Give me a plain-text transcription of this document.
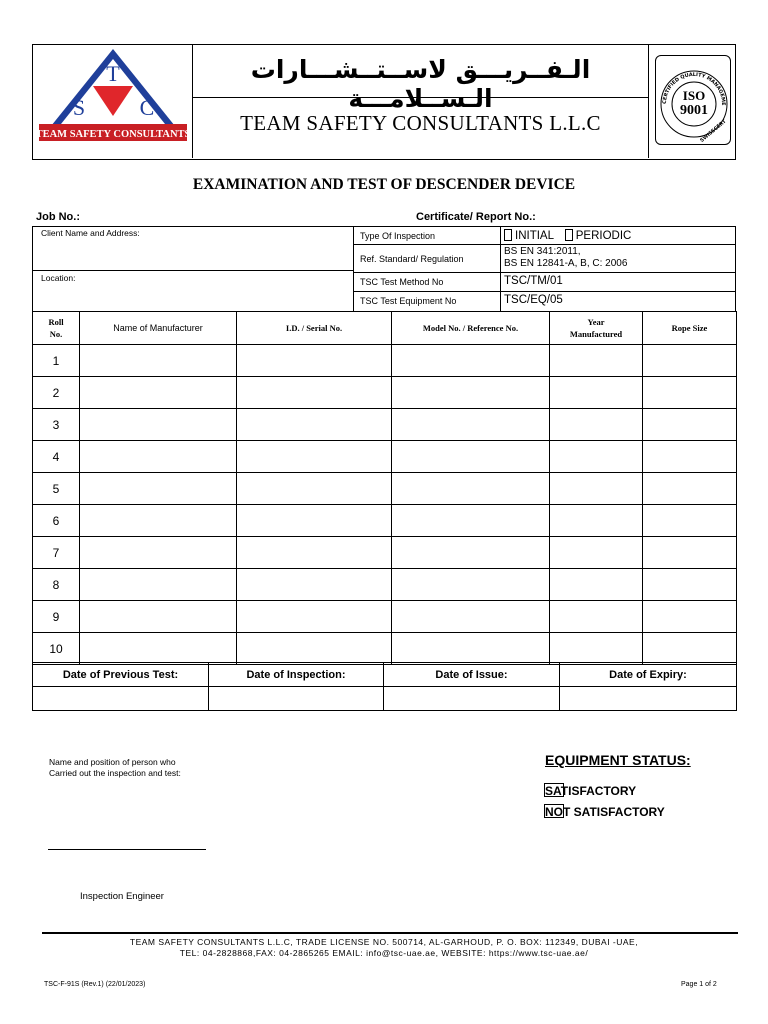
T
S C
TEAM SAFETY CONSULTANTS
الـفــريـــق لاســتــشـــارات الـســلامـــة
TEAM SAFETY CONSULTANTS L.L.C
CERTIFIED QUALITY MANAGEME
ISO
9001
SWISSCERT
EXAMINATION AND TEST OF DESCENDER DEVICE
Job No.:	Certificate/ Report No.:
Client Name and Address:
Location:
Type Of Inspection	INITIAL PERIODIC
Ref. Standard/ Regulation
BS EN 341:2011,
BS EN 12841-A, B, C: 2006
TSC Test Method No	TSC/TM/01
TSC Test Equipment No	TSC/EQ/05
Roll No.	Name of Manufacturer	I.D. / Serial No.	Model No. / Reference No.	Year Manufactured	Rope Size
1					
2					
3					
4					
5					
6					
7					
8					
9					
10					
Date of Previous Test:	Date of Inspection:	Date of Issue:	Date of Expiry:

Name and position of person who
Carried out the inspection and test:
EQUIPMENT STATUS:
SATISFACTORY
NOT SATISFACTORY
Inspection Engineer
TEAM SAFETY CONSULTANTS L.L.C, TRADE LICENSE NO. 500714, AL-GARHOUD, P. O. BOX: 112349, DUBAI -UAE,
TEL: 04-2828868,FAX: 04-2865265 EMAIL: info@tsc-uae.ae, WEBSITE: https://www.tsc-uae.ae/
TSC-F-91S (Rev.1) (22/01/2023)	Page 1 of 2
